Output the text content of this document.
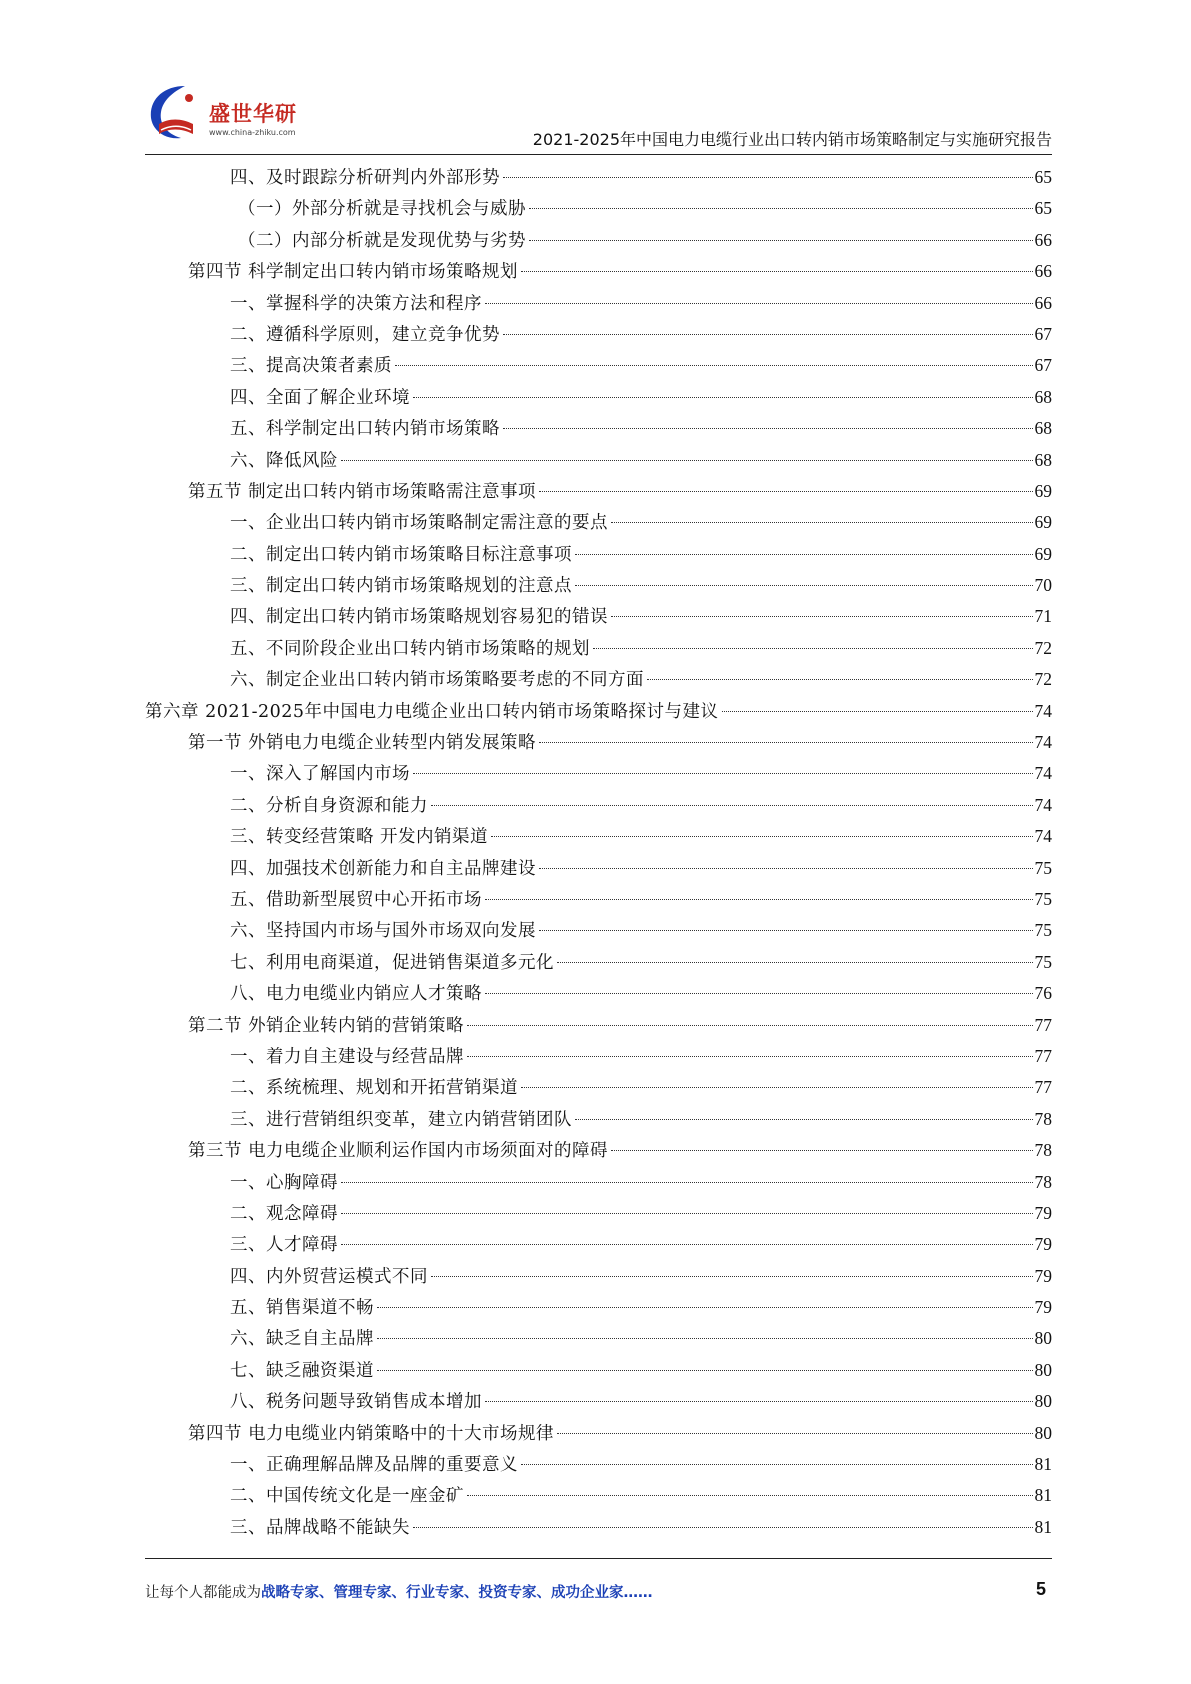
盛世华研
www.china-zhiku.com	2021-2025年中国电力电缆行业出口转内销市场策略制定与实施研究报告
四、及时跟踪分析研判内外部形势	65
（一）外部分析就是寻找机会与威胁	65
（二）内部分析就是发现优势与劣势	66
第四节 科学制定出口转内销市场策略规划	66
一、掌握科学的决策方法和程序	66
二、遵循科学原则，建立竞争优势	67
三、提高决策者素质	67
四、全面了解企业环境	68
五、科学制定出口转内销市场策略	68
六、降低风险	68
第五节 制定出口转内销市场策略需注意事项	69
一、企业出口转内销市场策略制定需注意的要点	69
二、制定出口转内销市场策略目标注意事项	69
三、制定出口转内销市场策略规划的注意点	70
四、制定出口转内销市场策略规划容易犯的错误	71
五、不同阶段企业出口转内销市场策略的规划	72
六、制定企业出口转内销市场策略要考虑的不同方面	72
第六章 2021-2025年中国电力电缆企业出口转内销市场策略探讨与建议	74
第一节 外销电力电缆企业转型内销发展策略	74
一、深入了解国内市场	74
二、分析自身资源和能力	74
三、转变经营策略 开发内销渠道	74
四、加强技术创新能力和自主品牌建设	75
五、借助新型展贸中心开拓市场	75
六、坚持国内市场与国外市场双向发展	75
七、利用电商渠道，促进销售渠道多元化	75
八、电力电缆业内销应人才策略	76
第二节 外销企业转内销的营销策略	77
一、着力自主建设与经营品牌	77
二、系统梳理、规划和开拓营销渠道	77
三、进行营销组织变革，建立内销营销团队	78
第三节 电力电缆企业顺利运作国内市场须面对的障碍	78
一、心胸障碍	78
二、观念障碍	79
三、人才障碍	79
四、内外贸营运模式不同	79
五、销售渠道不畅	79
六、缺乏自主品牌	80
七、缺乏融资渠道	80
八、税务问题导致销售成本增加	80
第四节 电力电缆业内销策略中的十大市场规律	80
一、正确理解品牌及品牌的重要意义	81
二、中国传统文化是一座金矿	81
三、品牌战略不能缺失	81
让每个人都能成为战略专家、管理专家、行业专家、投资专家、成功企业家……	5
